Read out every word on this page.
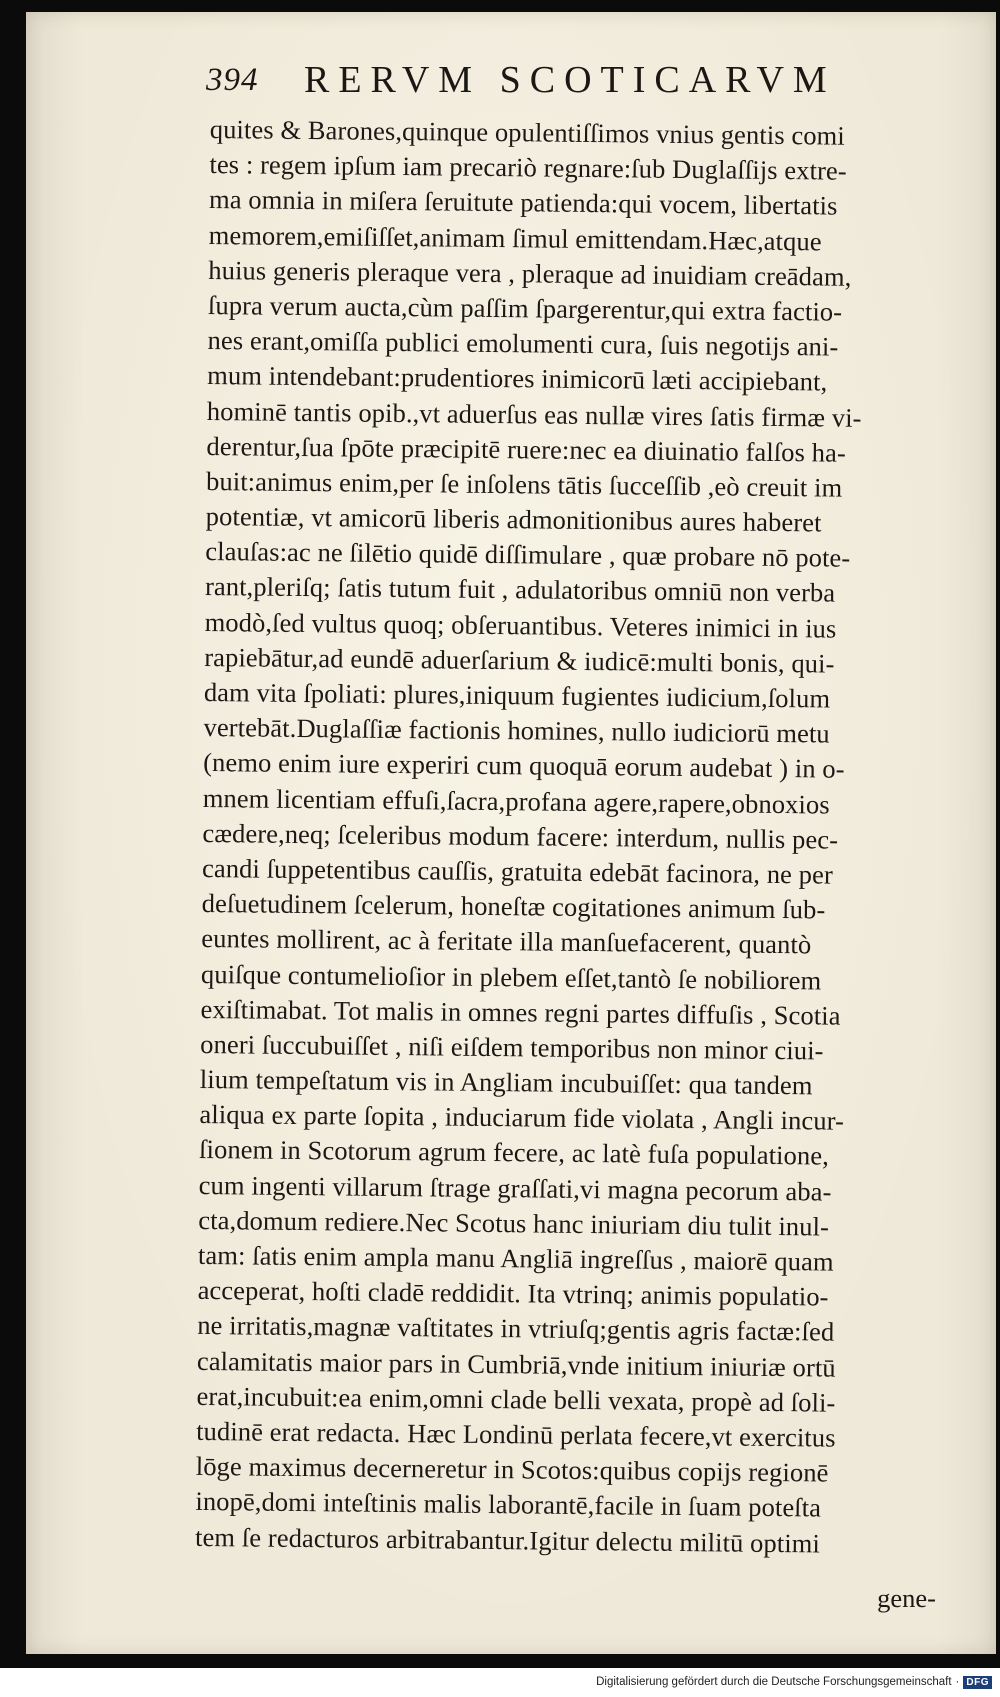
394 RERVM SCOTICARVM
quites & Barones,quinque opulentiſſimos vnius gentis comi
tes : regem ipſum iam precariò regnare:ſub Duglaſſijs extre-
ma omnia in miſera ſeruitute patienda:qui vocem, libertatis
memorem,emiſiſſet,animam ſimul emittendam.Hæc,atque
huius generis pleraque vera , pleraque ad inuidiam creādam,
ſupra verum aucta,cùm paſſim ſpargerentur,qui extra factio-
nes erant,omiſſa publici emolumenti cura, ſuis negotijs ani-
mum intendebant:prudentiores inimicorū læti accipiebant,
hominē tantis opib.,vt aduerſus eas nullæ vires ſatis firmæ vi-
derentur,ſua ſpōte præcipitē ruere:nec ea diuinatio falſos ha-
buit:animus enim,per ſe inſolens tātis ſucceſſib ,eò creuit im
potentiæ, vt amicorū liberis admonitionibus aures haberet
clauſas:ac ne ſilētio quidē diſſimulare , quæ probare nō pote-
rant,pleriſq; ſatis tutum fuit , adulatoribus omniū non verba
modò,ſed vultus quoq; obſeruantibus. Veteres inimici in ius
rapiebātur,ad eundē aduerſarium & iudicē:multi bonis, qui-
dam vita ſpoliati: plures,iniquum fugientes iudicium,ſolum
vertebāt.Duglaſſiæ factionis homines, nullo iudiciorū metu
(nemo enim iure experiri cum quoquā eorum audebat ) in o-
mnem licentiam effuſi,ſacra,profana agere,rapere,obnoxios
cædere,neq; ſceleribus modum facere: interdum, nullis pec-
candi ſuppetentibus cauſſis, gratuita edebāt facinora, ne per
deſuetudinem ſcelerum, honeſtæ cogitationes animum ſub-
euntes mollirent, ac à feritate illa manſuefacerent, quantò
quiſque contumelioſior in plebem eſſet,tantò ſe nobiliorem
exiſtimabat. Tot malis in omnes regni partes diffuſis , Scotia
oneri ſuccubuiſſet , niſi eiſdem temporibus non minor ciui-
lium tempeſtatum vis in Angliam incubuiſſet: qua tandem
aliqua ex parte ſopita , induciarum fide violata , Angli incur-
ſionem in Scotorum agrum fecere, ac latè fuſa populatione,
cum ingenti villarum ſtrage graſſati,vi magna pecorum aba-
cta,domum rediere.Nec Scotus hanc iniuriam diu tulit inul-
tam: ſatis enim ampla manu Angliā ingreſſus , maiorē quam
acceperat, hoſti cladē reddidit. Ita vtrinq; animis populatio-
ne irritatis,magnæ vaſtitates in vtriuſq;gentis agris factæ:ſed
calamitatis maior pars in Cumbriā,vnde initium iniuriæ ortū
erat,incubuit:ea enim,omni clade belli vexata, propè ad ſoli-
tudinē erat redacta. Hæc Londinū perlata fecere,vt exercitus
lōge maximus decerneretur in Scotos:quibus copijs regionē
inopē,domi inteſtinis malis laborantē,facile in ſuam poteſta
tem ſe redacturos arbitrabantur.Igitur delectu militū optimi
gene-
Digitalisierung gefördert durch die Deutsche Forschungsgemeinschaft · DFG
